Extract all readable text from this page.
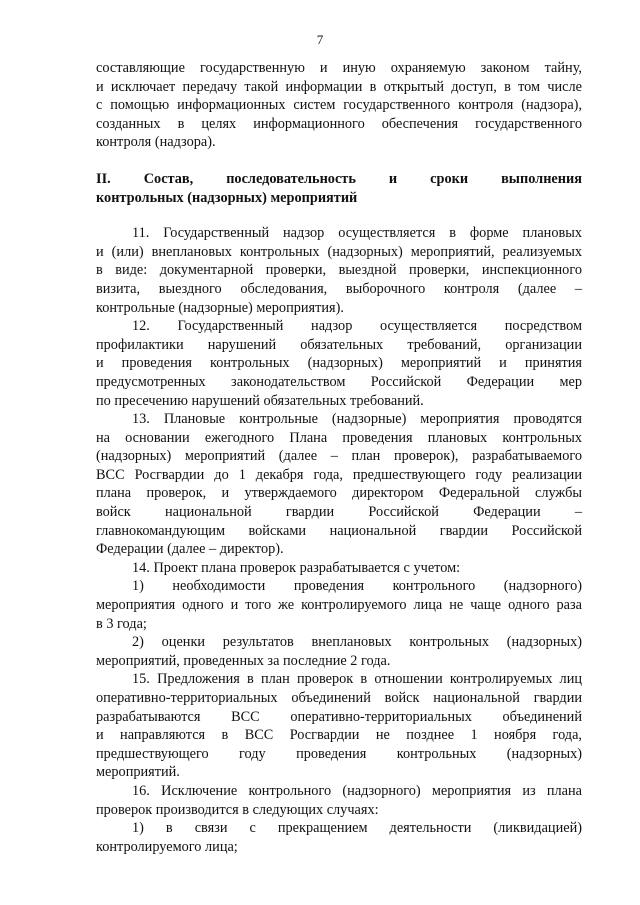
7
составляющие государственную и иную охраняемую законом тайну,
и исключает передачу такой информации в открытый доступ, в том числе
с помощью информационных систем государственного контроля (надзора),
созданных в целях информационного обеспечения государственного
контроля (надзора).
II. Состав, последовательность и сроки выполнения
контрольных (надзорных) мероприятий
11. Государственный надзор осуществляется в форме плановых
и (или) внеплановых контрольных (надзорных) мероприятий, реализуемых
в виде: документарной проверки, выездной проверки, инспекционного
визита, выездного обследования, выборочного контроля (далее –
контрольные (надзорные) мероприятия).
12. Государственный надзор осуществляется посредством
профилактики нарушений обязательных требований, организации
и проведения контрольных (надзорных) мероприятий и принятия
предусмотренных законодательством Российской Федерации мер
по пресечению нарушений обязательных требований.
13. Плановые контрольные (надзорные) мероприятия проводятся
на основании ежегодного Плана проведения плановых контрольных
(надзорных) мероприятий (далее – план проверок), разрабатываемого
ВСС Росгвардии до 1 декабря года, предшествующего году реализации
плана проверок, и утверждаемого директором Федеральной службы
войск национальной гвардии Российской Федерации –
главнокомандующим войсками национальной гвардии Российской
Федерации (далее – директор).
14. Проект плана проверок разрабатывается с учетом:
1) необходимости проведения контрольного (надзорного)
мероприятия одного и того же контролируемого лица не чаще одного раза
в 3 года;
2) оценки результатов внеплановых контрольных (надзорных)
мероприятий, проведенных за последние 2 года.
15. Предложения в план проверок в отношении контролируемых лиц
оперативно-территориальных объединений войск национальной гвардии
разрабатываются ВСС оперативно-территориальных объединений
и направляются в ВСС Росгвардии не позднее 1 ноября года,
предшествующего году проведения контрольных (надзорных)
мероприятий.
16. Исключение контрольного (надзорного) мероприятия из плана
проверок производится в следующих случаях:
1) в связи с прекращением деятельности (ликвидацией)
контролируемого лица;
